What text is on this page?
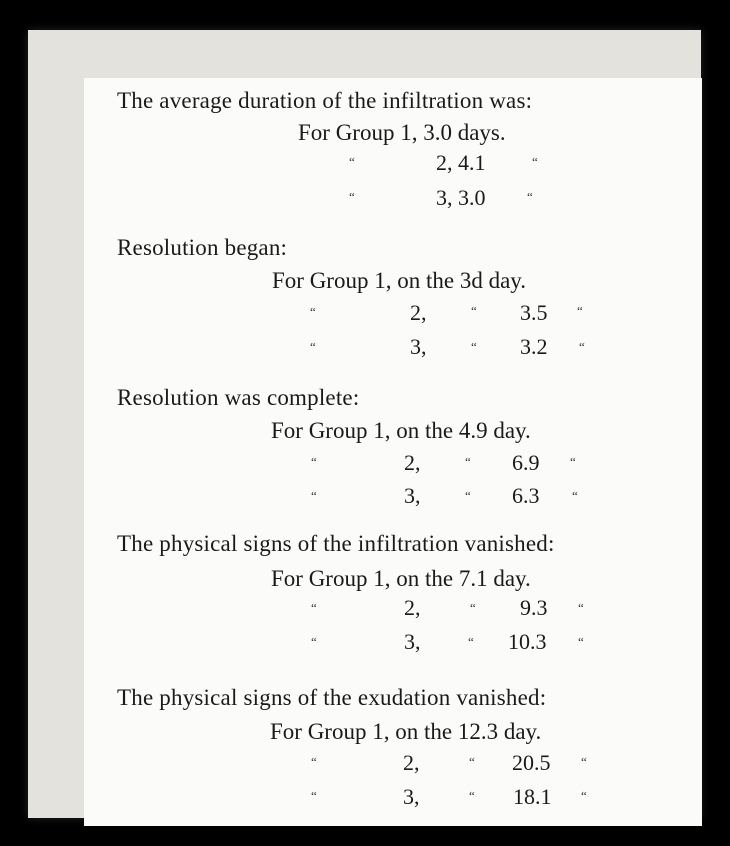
The average duration of the infiltration was:
For Group 1, 3.0 days.
“	2, 4.1	“
“	3, 3.0	“
Resolution began:
For Group 1, on the 3d day.
“	2,	“ 3.5 “
“	3,	“ 3.2 “
Resolution was complete:
For Group 1, on the 4.9 day.
“	2,	“ 6.9 “
“	3,	“ 6.3	“
The physical signs of the infiltration vanished:
For Group 1, on the 7.1 day.
“	2,	“ 9.3 “
“	3,	“ 10.3 “
The physical signs of the exudation vanished:
For Group 1, on the 12.3 day.
“	2,	“ 20.5 “
“	3,	“ 18.1 “
